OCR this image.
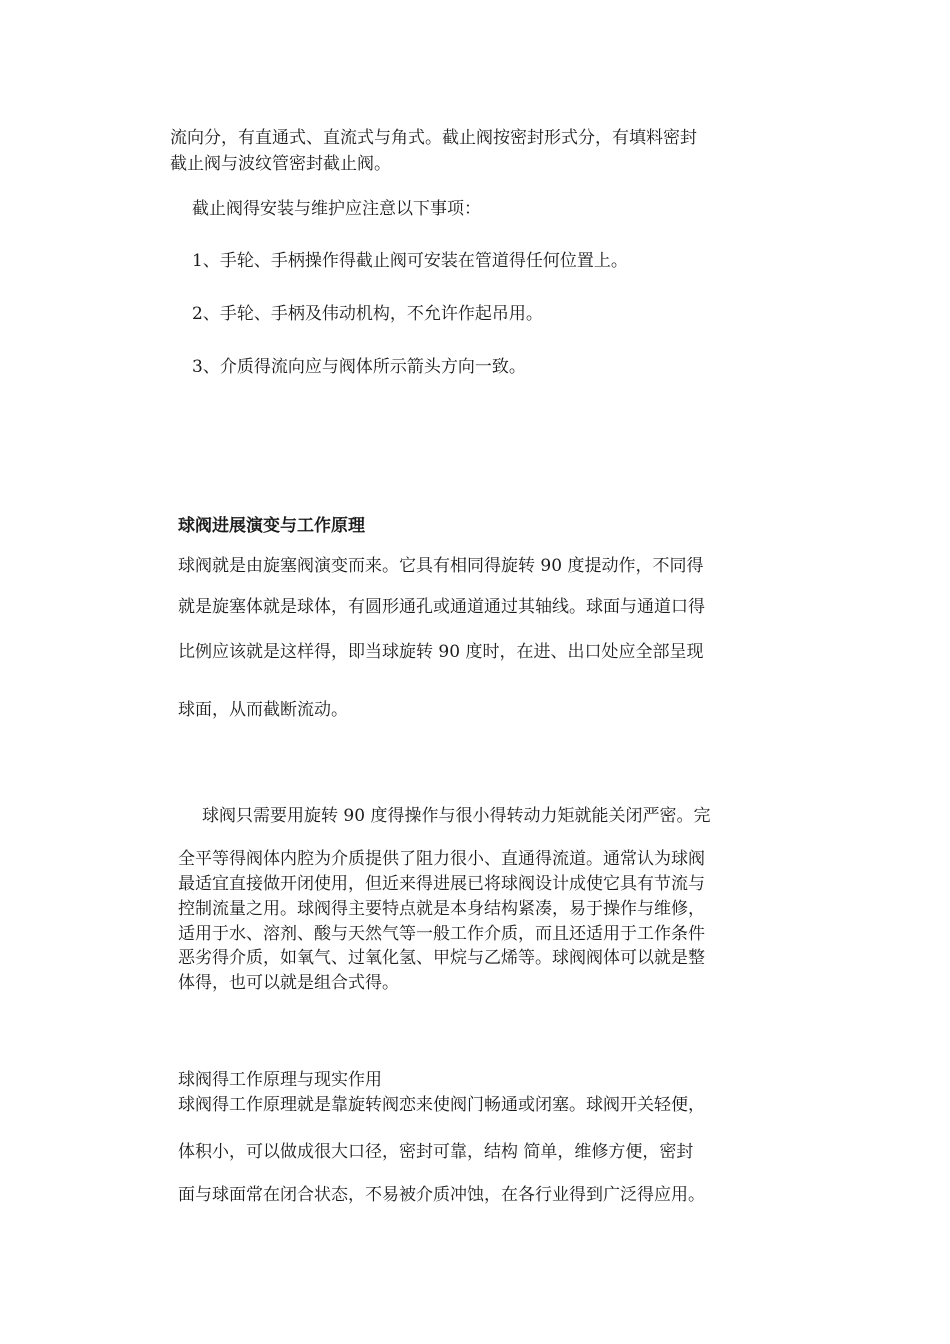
流向分，有直通式、直流式与角式。截止阀按密封形式分，有填料密封
截止阀与波纹管密封截止阀。
截止阀得安装与维护应注意以下事项：
1、手轮、手柄操作得截止阀可安装在管道得任何位置上。
2、手轮、手柄及伟动机构，不允许作起吊用。
3、介质得流向应与阀体所示箭头方向一致。
球阀进展演变与工作原理
球阀就是由旋塞阀演变而来。它具有相同得旋转 90 度提动作，不同得
就是旋塞体就是球体，有圆形通孔或通道通过其轴线。球面与通道口得
比例应该就是这样得，即当球旋转 90 度时，在进、出口处应全部呈现
球面，从而截断流动。
球阀只需要用旋转 90 度得操作与很小得转动力矩就能关闭严密。完
全平等得阀体内腔为介质提供了阻力很小、直通得流道。通常认为球阀
最适宜直接做开闭使用，但近来得进展已将球阀设计成使它具有节流与
控制流量之用。球阀得主要特点就是本身结构紧凑，易于操作与维修，
适用于水、溶剂、酸与天然气等一般工作介质，而且还适用于工作条件
恶劣得介质，如氧气、过氧化氢、甲烷与乙烯等。球阀阀体可以就是整
体得，也可以就是组合式得。
球阀得工作原理与现实作用
球阀得工作原理就是靠旋转阀恋来使阀门畅通或闭塞。球阀开关轻便，
体积小，可以做成很大口径，密封可靠，结构 简单，维修方便，密封
面与球面常在闭合状态，不易被介质冲蚀，在各行业得到广泛得应用。
